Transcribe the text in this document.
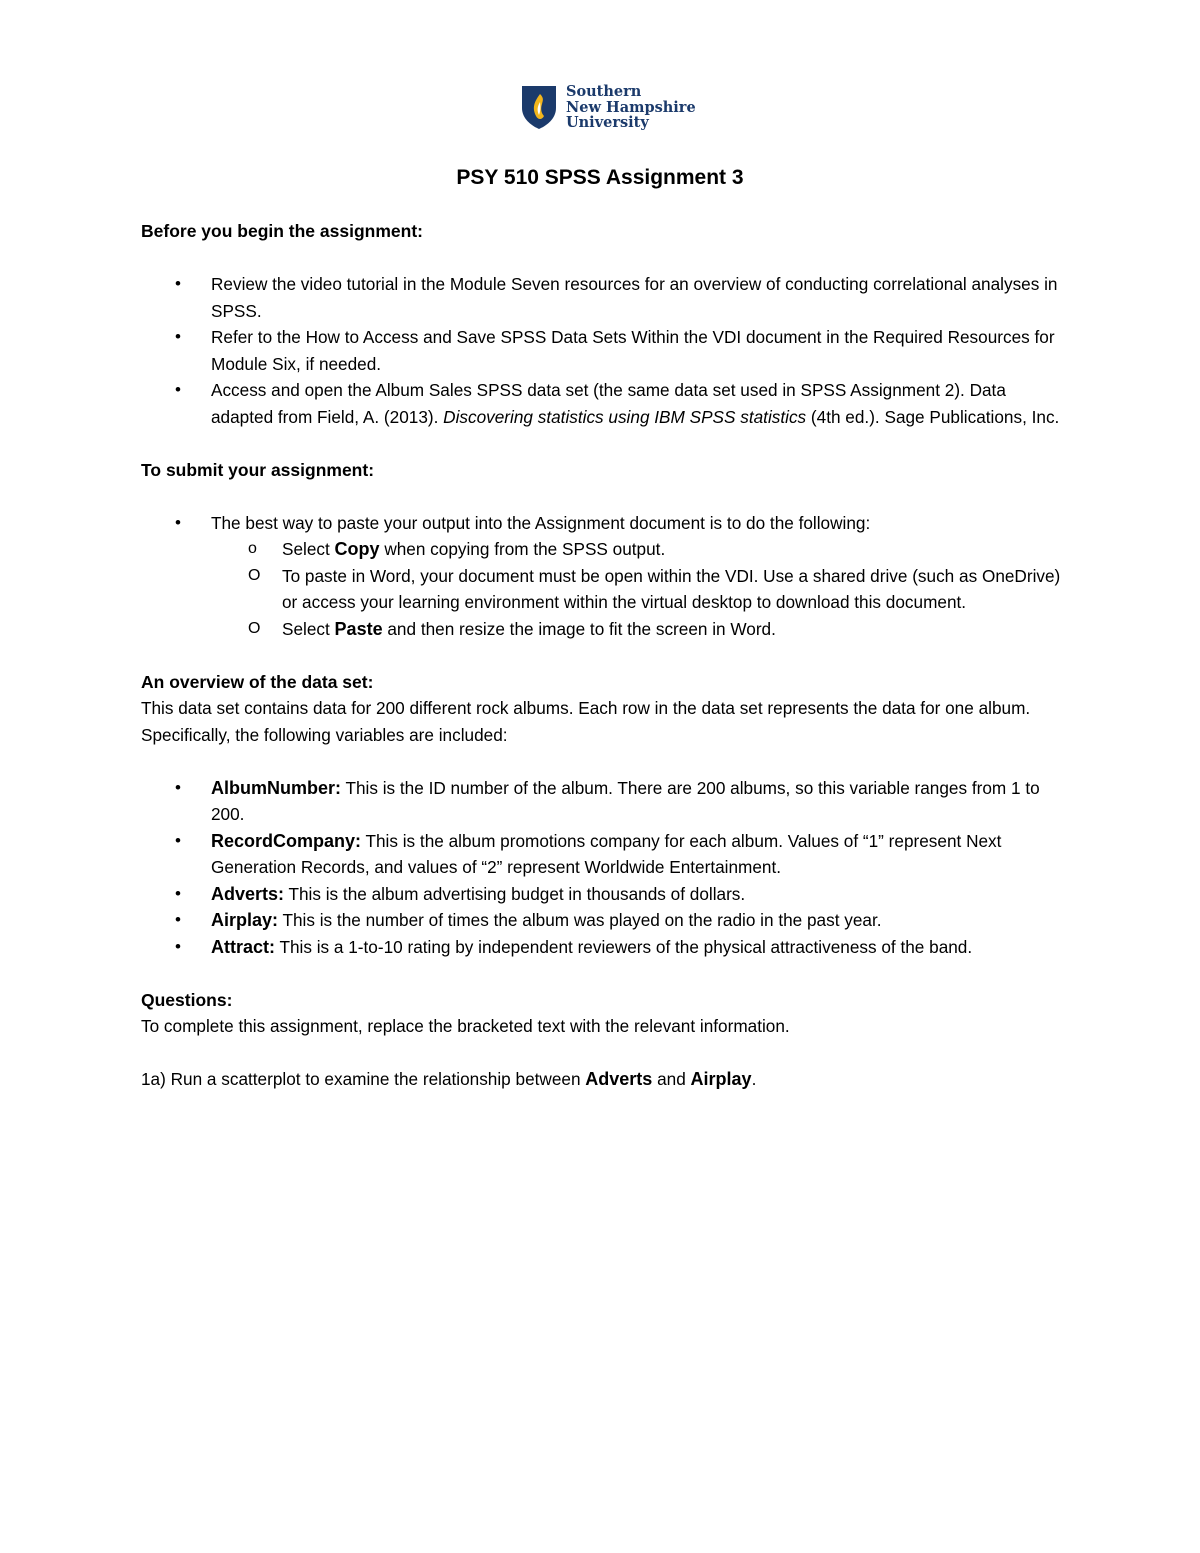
Southern
New Hampshire
University
PSY 510 SPSS Assignment 3

Before you begin the assignment:

• Review the video tutorial in the Module Seven resources for an overview of conducting correlational analyses in SPSS.
• Refer to the How to Access and Save SPSS Data Sets Within the VDI document in the Required Resources for Module Six, if needed.
• Access and open the Album Sales SPSS data set (the same data set used in SPSS Assignment 2). Data adapted from Field, A. (2013). Discovering statistics using IBM SPSS statistics (4th ed.). Sage Publications, Inc.

To submit your assignment:

• The best way to paste your output into the Assignment document is to do the following:
o Select Copy when copying from the SPSS output.
O To paste in Word, your document must be open within the VDI. Use a shared drive (such as OneDrive) or access your learning environment within the virtual desktop to download this document.
O Select Paste and then resize the image to fit the screen in Word.

An overview of the data set:

This data set contains data for 200 different rock albums. Each row in the data set represents the data for one album. Specifically, the following variables are included:

• AlbumNumber: This is the ID number of the album. There are 200 albums, so this variable ranges from 1 to 200.
• RecordCompany: This is the album promotions company for each album. Values of “1” represent Next Generation Records, and values of “2” represent Worldwide Entertainment.
• Adverts: This is the album advertising budget in thousands of dollars.
• Airplay: This is the number of times the album was played on the radio in the past year.
• Attract: This is a 1-to-10 rating by independent reviewers of the physical attractiveness of the band.

Questions:

To complete this assignment, replace the bracketed text with the relevant information.

1a) Run a scatterplot to examine the relationship between Adverts and Airplay.
